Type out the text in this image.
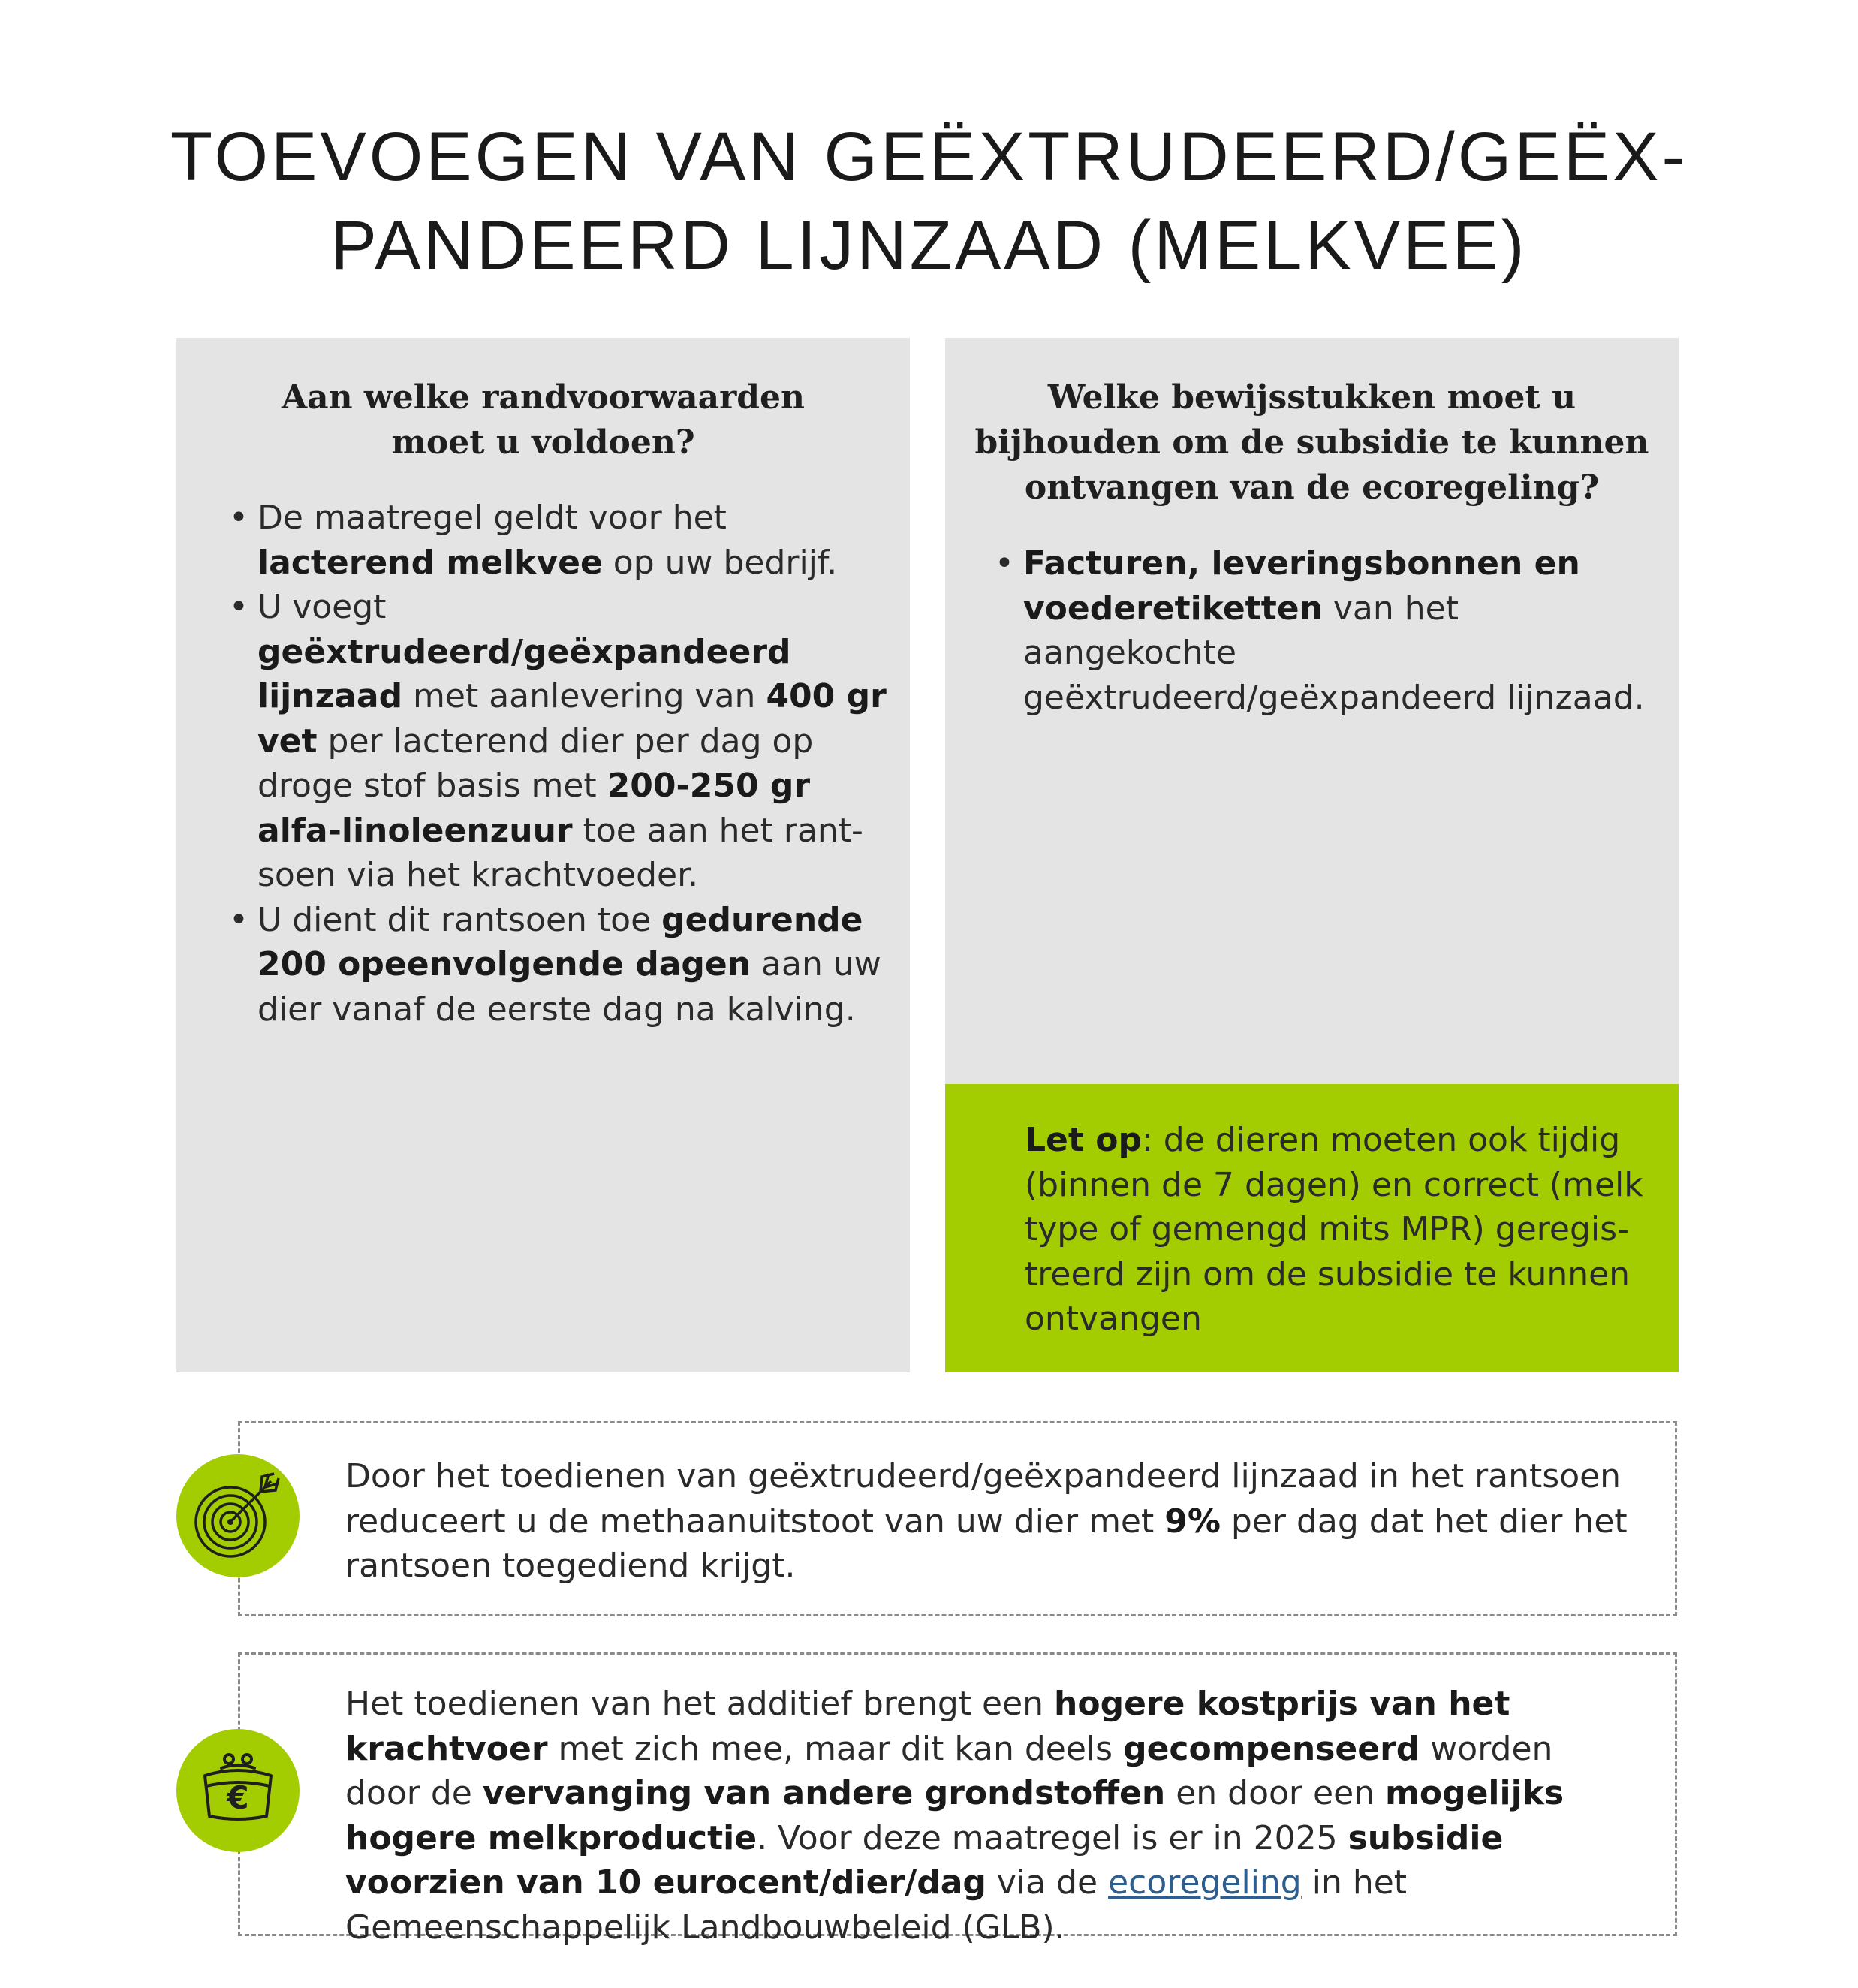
TOEVOEGEN VAN GEËXTRUDEERD/GEËX-
PANDEERD LIJNZAAD (MELKVEE)
Aan welke randvoorwaarden
moet u voldoen?
• De maatregel geldt voor het lacterend melkvee op uw bedrijf.
• U voegt geëxtrudeerd/geëxpandeerd lijnzaad met aanlevering van 400 gr vet per lacterend dier per dag op droge stof basis met 200-250 gr alfa-linoleenzuur toe aan het rant-soen via het krachtvoeder.
• U dient dit rantsoen toe gedurende 200 opeenvolgende dagen aan uw dier vanaf de eerste dag na kalving.
Welke bewijsstukken moet u
bijhouden om de subsidie te kunnen
ontvangen van de ecoregeling?
• Facturen, leveringsbonnen en voederetiketten van het aangekochte geëxtrudeerd/geëxpandeerd lijnzaad.
Let op: de dieren moeten ook tijdig (binnen de 7 dagen) en correct (melk type of gemengd mits MPR) geregis-treerd zijn om de subsidie te kunnen ontvangen
Door het toedienen van geëxtrudeerd/geëxpandeerd lijnzaad in het rantsoen reduceert u de methaanuitstoot van uw dier met 9% per dag dat het dier het rantsoen toegediend krijgt.
€
Het toedienen van het additief brengt een hogere kostprijs van het krachtvoer met zich mee, maar dit kan deels gecompenseerd worden door de vervanging van andere grondstoffen en door een mogelijks hogere melkproductie. Voor deze maatregel is er in 2025 subsidie voorzien van 10 eurocent/dier/dag via de ecoregeling in het Gemeenschappelijk Landbouwbeleid (GLB).
